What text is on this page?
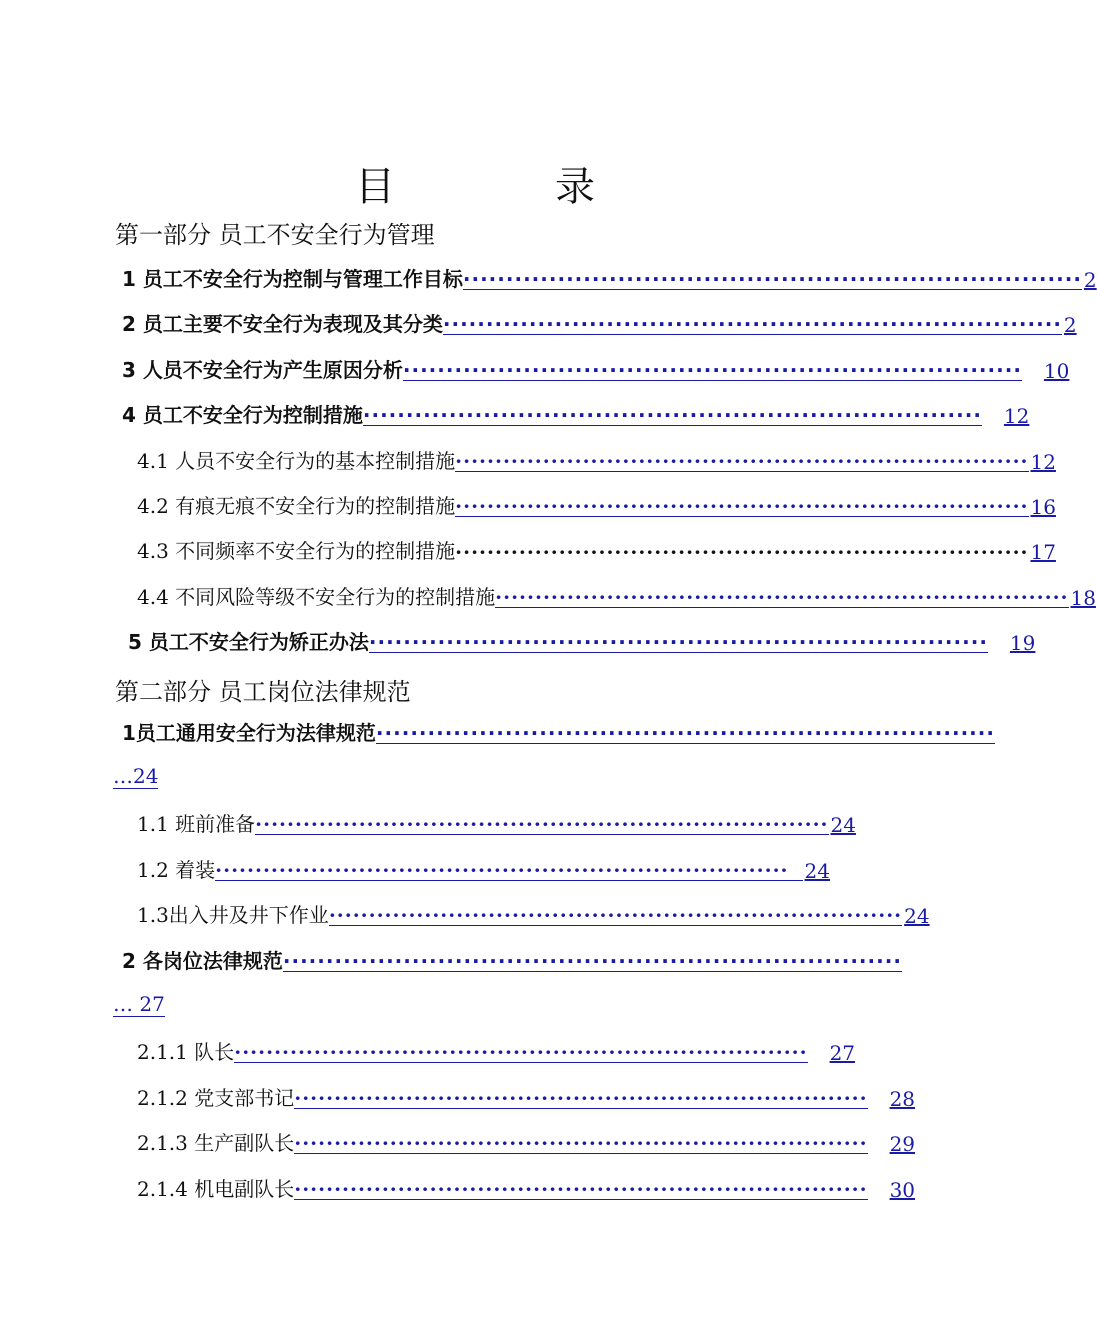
目　录
第一部分 员工不安全行为管理
1 员工不安全行为控制与管理工作目标 ········································································ 2
2 员工主要不安全行为表现及其分类 ········································································ 2
3 人员不安全行为产生原因分析 ········································································	10
4 员工不安全行为控制措施 ········································································	12
4.1 人员不安全行为的基本控制措施 ········································································ 12
4.2 有痕无痕不安全行为的控制措施 ········································································ 16
4.3 不同频率不安全行为的控制措施 ········································································ 17
4.4 不同风险等级不安全行为的控制措施 ········································································ 18
5 员工不安全行为矫正办法 ········································································	19
第二部分 员工岗位法律规范
1员工通用安全行为法律规范 ········································································
…24
1.1 班前准备 ········································································ 24
1.2 着装 ········································································ 24
1.3出入井及井下作业 ········································································ 24
2 各岗位法律规范 ········································································
… 27
2.1.1 队长 ········································································	27
2.1.2 党支部书记 ········································································	28
2.1.3 生产副队长 ········································································	29
2.1.4 机电副队长 ········································································	30
